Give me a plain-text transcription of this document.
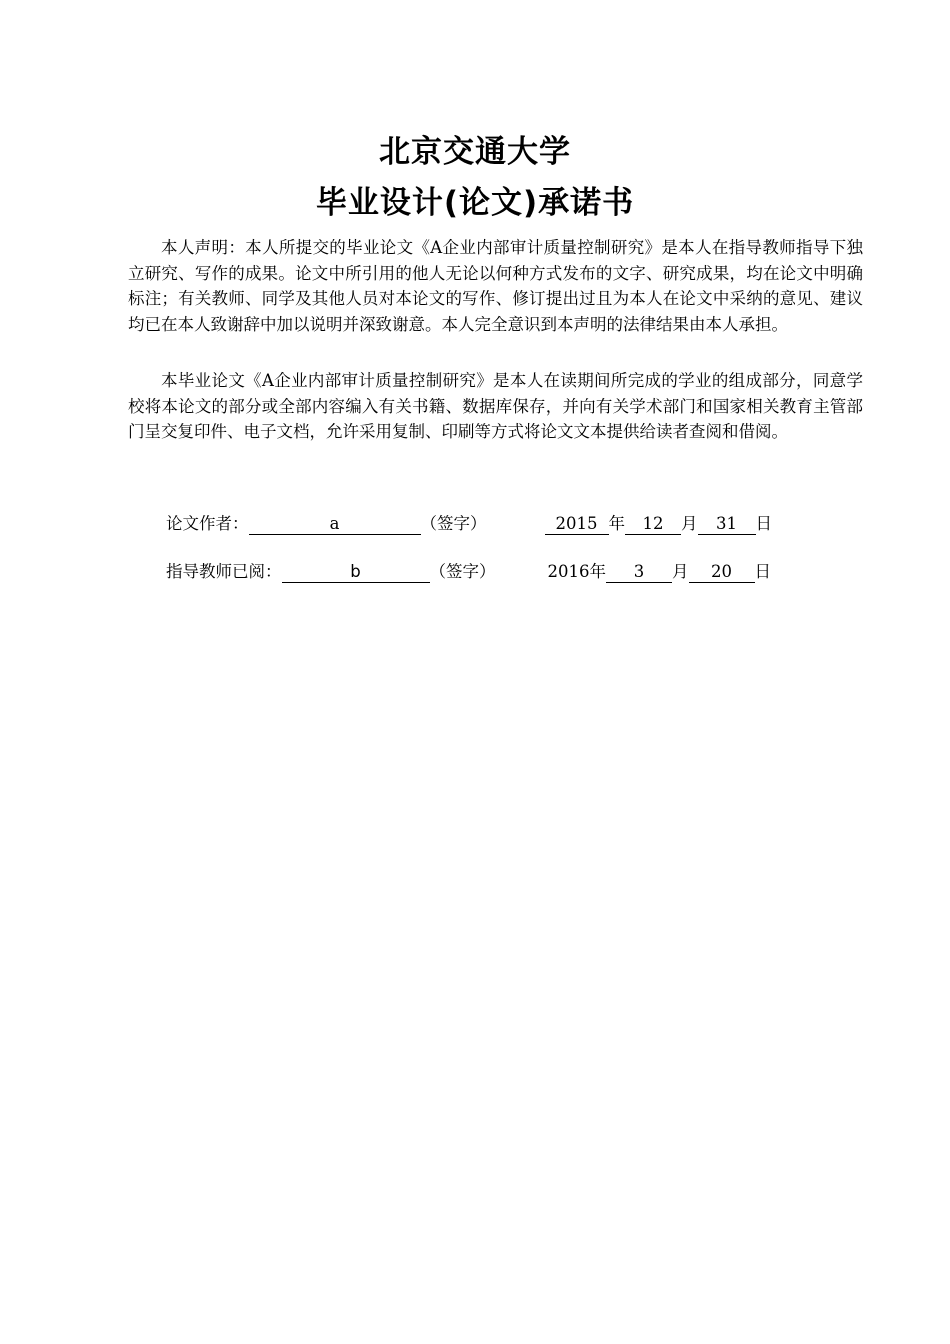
北京交通大学
毕业设计(论文)承诺书

本人声明：本人所提交的毕业论文《A企业内部审计质量控制研究》是本人在指导教师指导下独立研究、写作的成果。论文中所引用的他人无论以何种方式发布的文字、研究成果，均在论文中明确标注；有关教师、同学及其他人员对本论文的写作、修订提出过且为本人在论文中采纳的意见、建议均已在本人致谢辞中加以说明并深致谢意。本人完全意识到本声明的法律结果由本人承担。

本毕业论文《A企业内部审计质量控制研究》是本人在读期间所完成的学业的组成部分，同意学校将本论文的部分或全部内容编入有关书籍、数据库保存，并向有关学术部门和国家相关教育主管部门呈交复印件、电子文档，允许采用复制、印刷等方式将论文文本提供给读者查阅和借阅。

论文作者：	a	（签字）	2015 年 12 月 31 日
指导教师已阅：	b	（签字）	2016年 3 月 20 日
